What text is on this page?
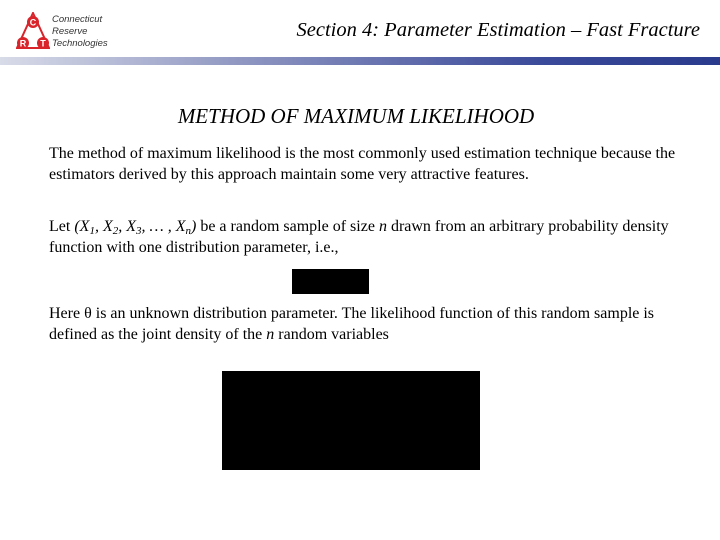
C
R T
Connecticut
Reserve
Technologies
Section 4: Parameter Estimation – Fast Fracture
METHOD OF MAXIMUM LIKELIHOOD
The method of maximum likelihood is the most commonly used estimation technique because the estimators derived by this approach maintain some very attractive features.
Let ($X_1$, $X_2$, $X_3$, … , $X_n$) be a random sample of size n drawn from an arbitrary probability density function with one distribution parameter, i.e.,
Here θ is an unknown distribution parameter. The likelihood function of this random sample is defined as the joint density of the n random variables
